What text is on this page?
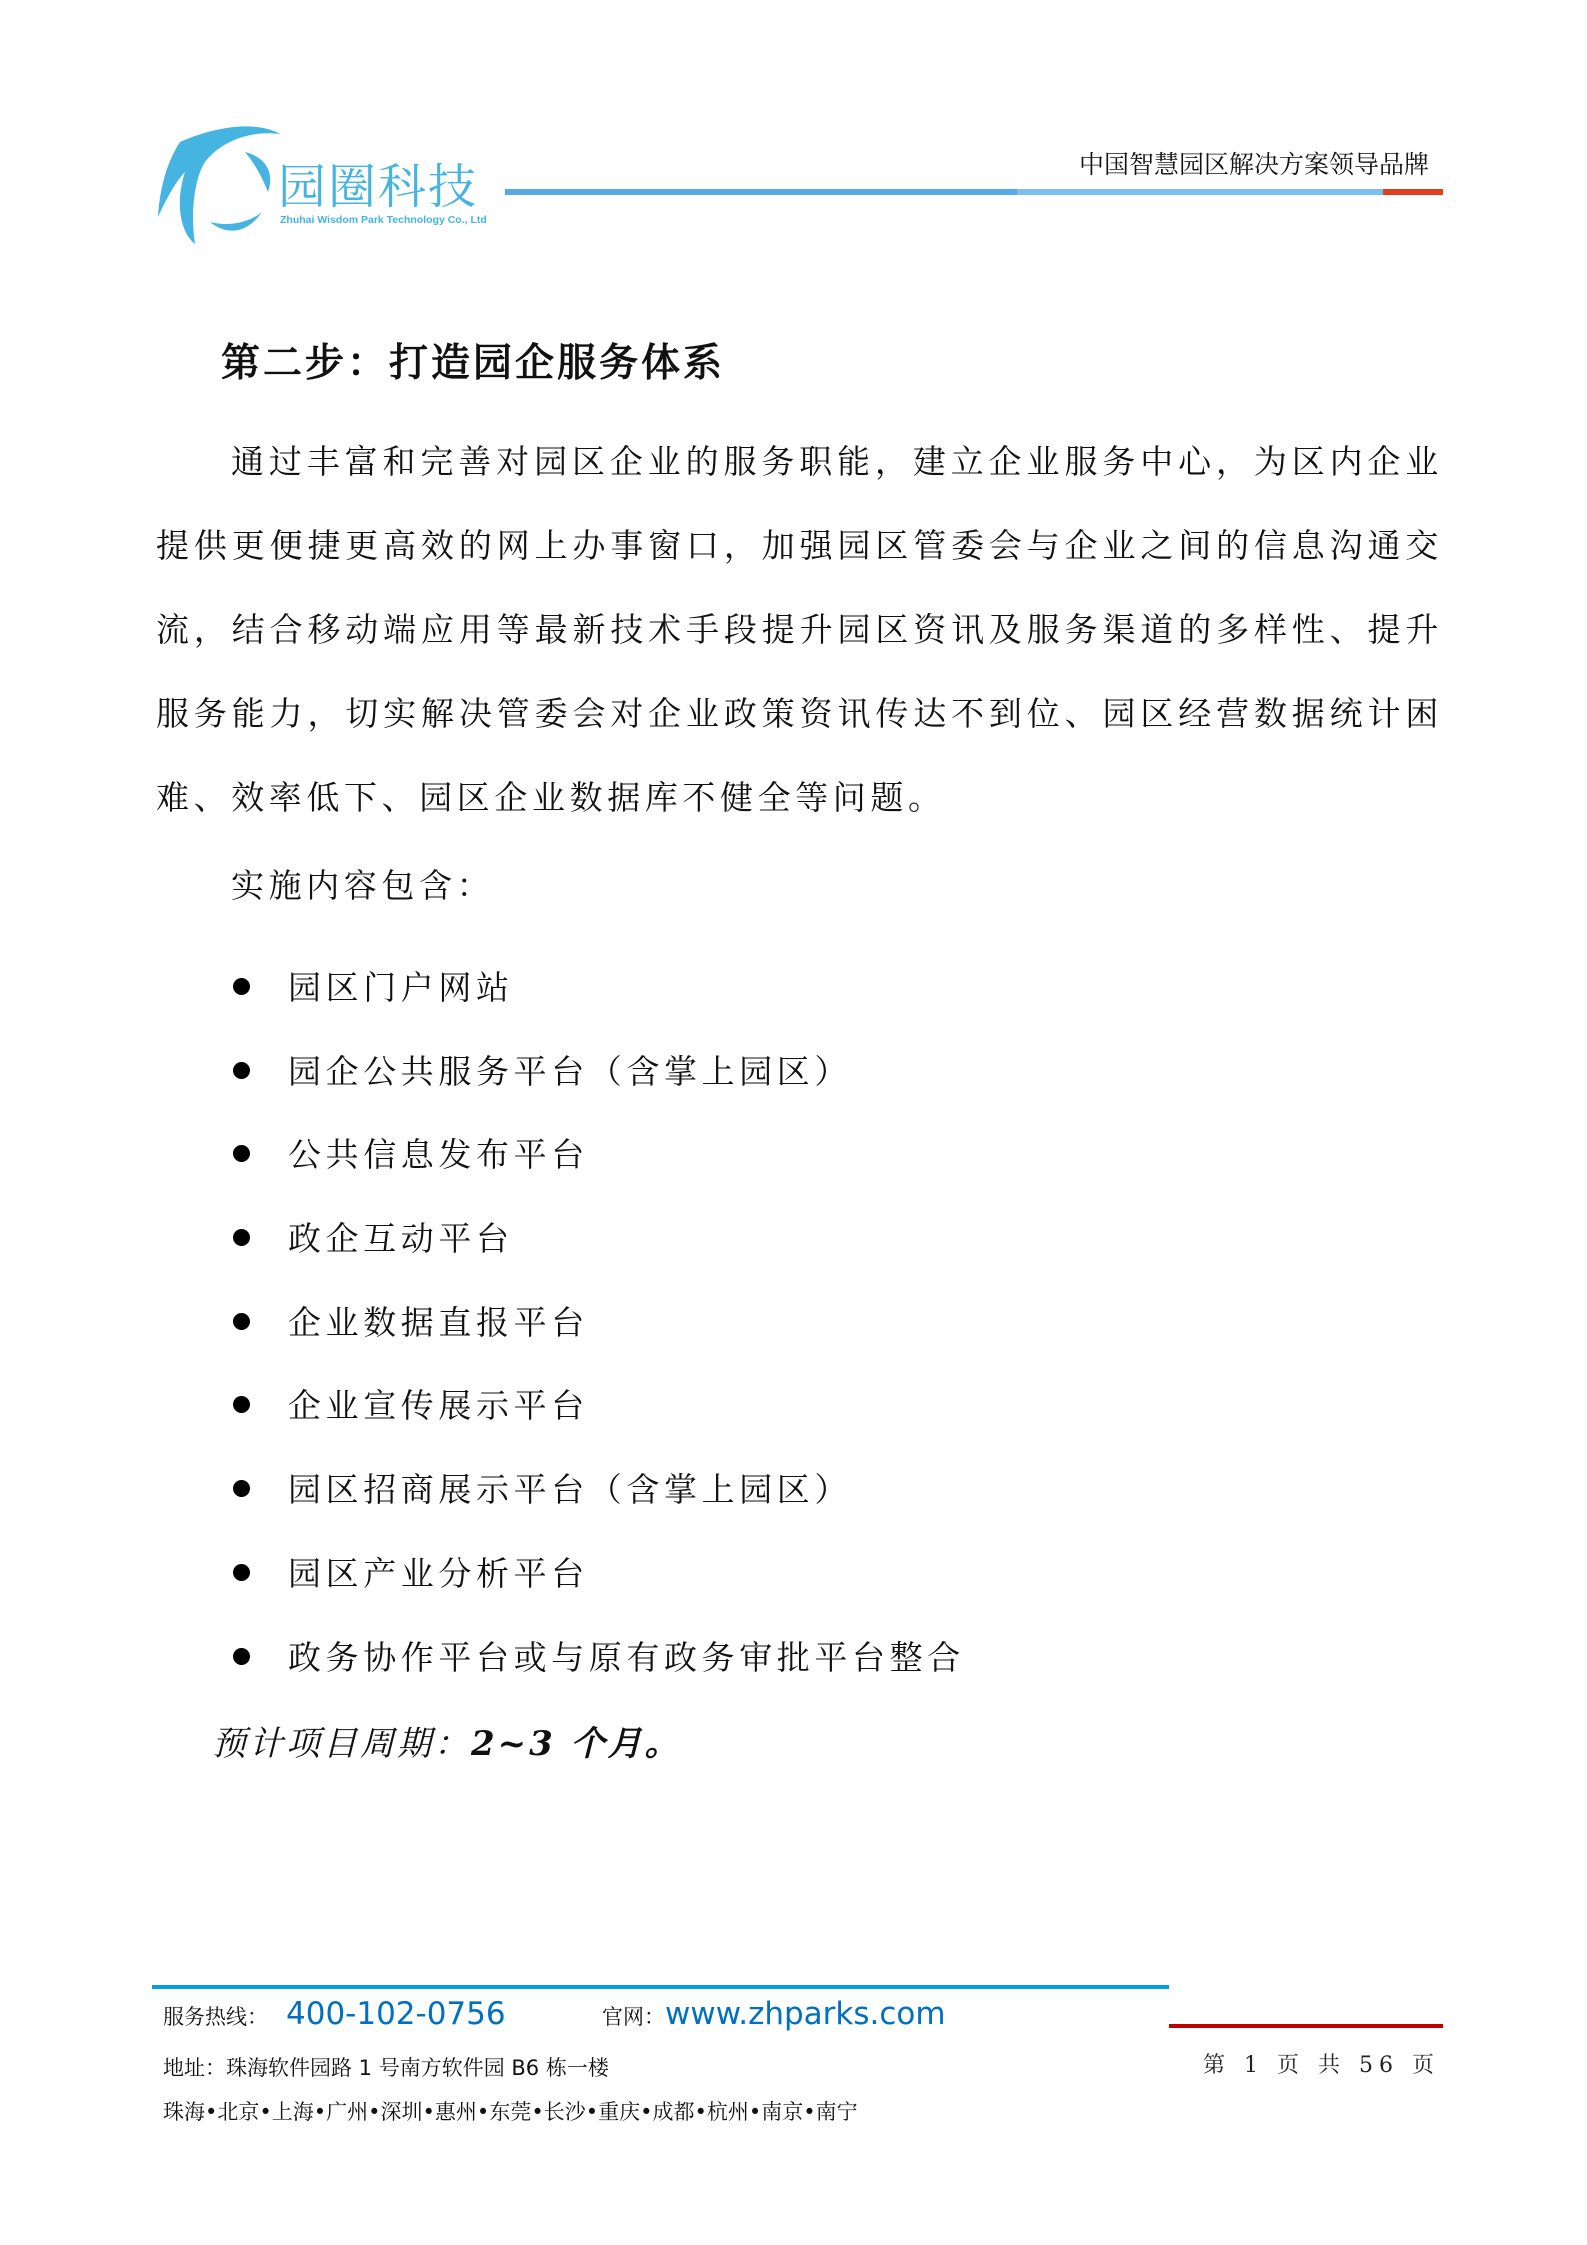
园圈科技
Zhuhai Wisdom Park Technology Co., Ltd
中国智慧园区解决方案领导品牌
第二步：打造园企服务体系
通过丰富和完善对园区企业的服务职能，建立企业服务中心，为区内企业提供更便捷更高效的网上办事窗口，加强园区管委会与企业之间的信息沟通交流，结合移动端应用等最新技术手段提升园区资讯及服务渠道的多样性、提升服务能力，切实解决管委会对企业政策资讯传达不到位、园区经营数据统计困难、效率低下、园区企业数据库不健全等问题。
实施内容包含：
园区门户网站
园企公共服务平台（含掌上园区）
公共信息发布平台
政企互动平台
企业数据直报平台
企业宣传展示平台
园区招商展示平台（含掌上园区）
园区产业分析平台
政务协作平台或与原有政务审批平台整合
预计项目周期：2~3 个月。
服务热线： 400-102-0756	官网：www.zhparks.com
地址：珠海软件园路 1 号南方软件园 B6 栋一楼
珠海•北京•上海•广州•深圳•惠州•东莞•长沙•重庆•成都•杭州•南京•南宁
第 1 页 共 56 页
